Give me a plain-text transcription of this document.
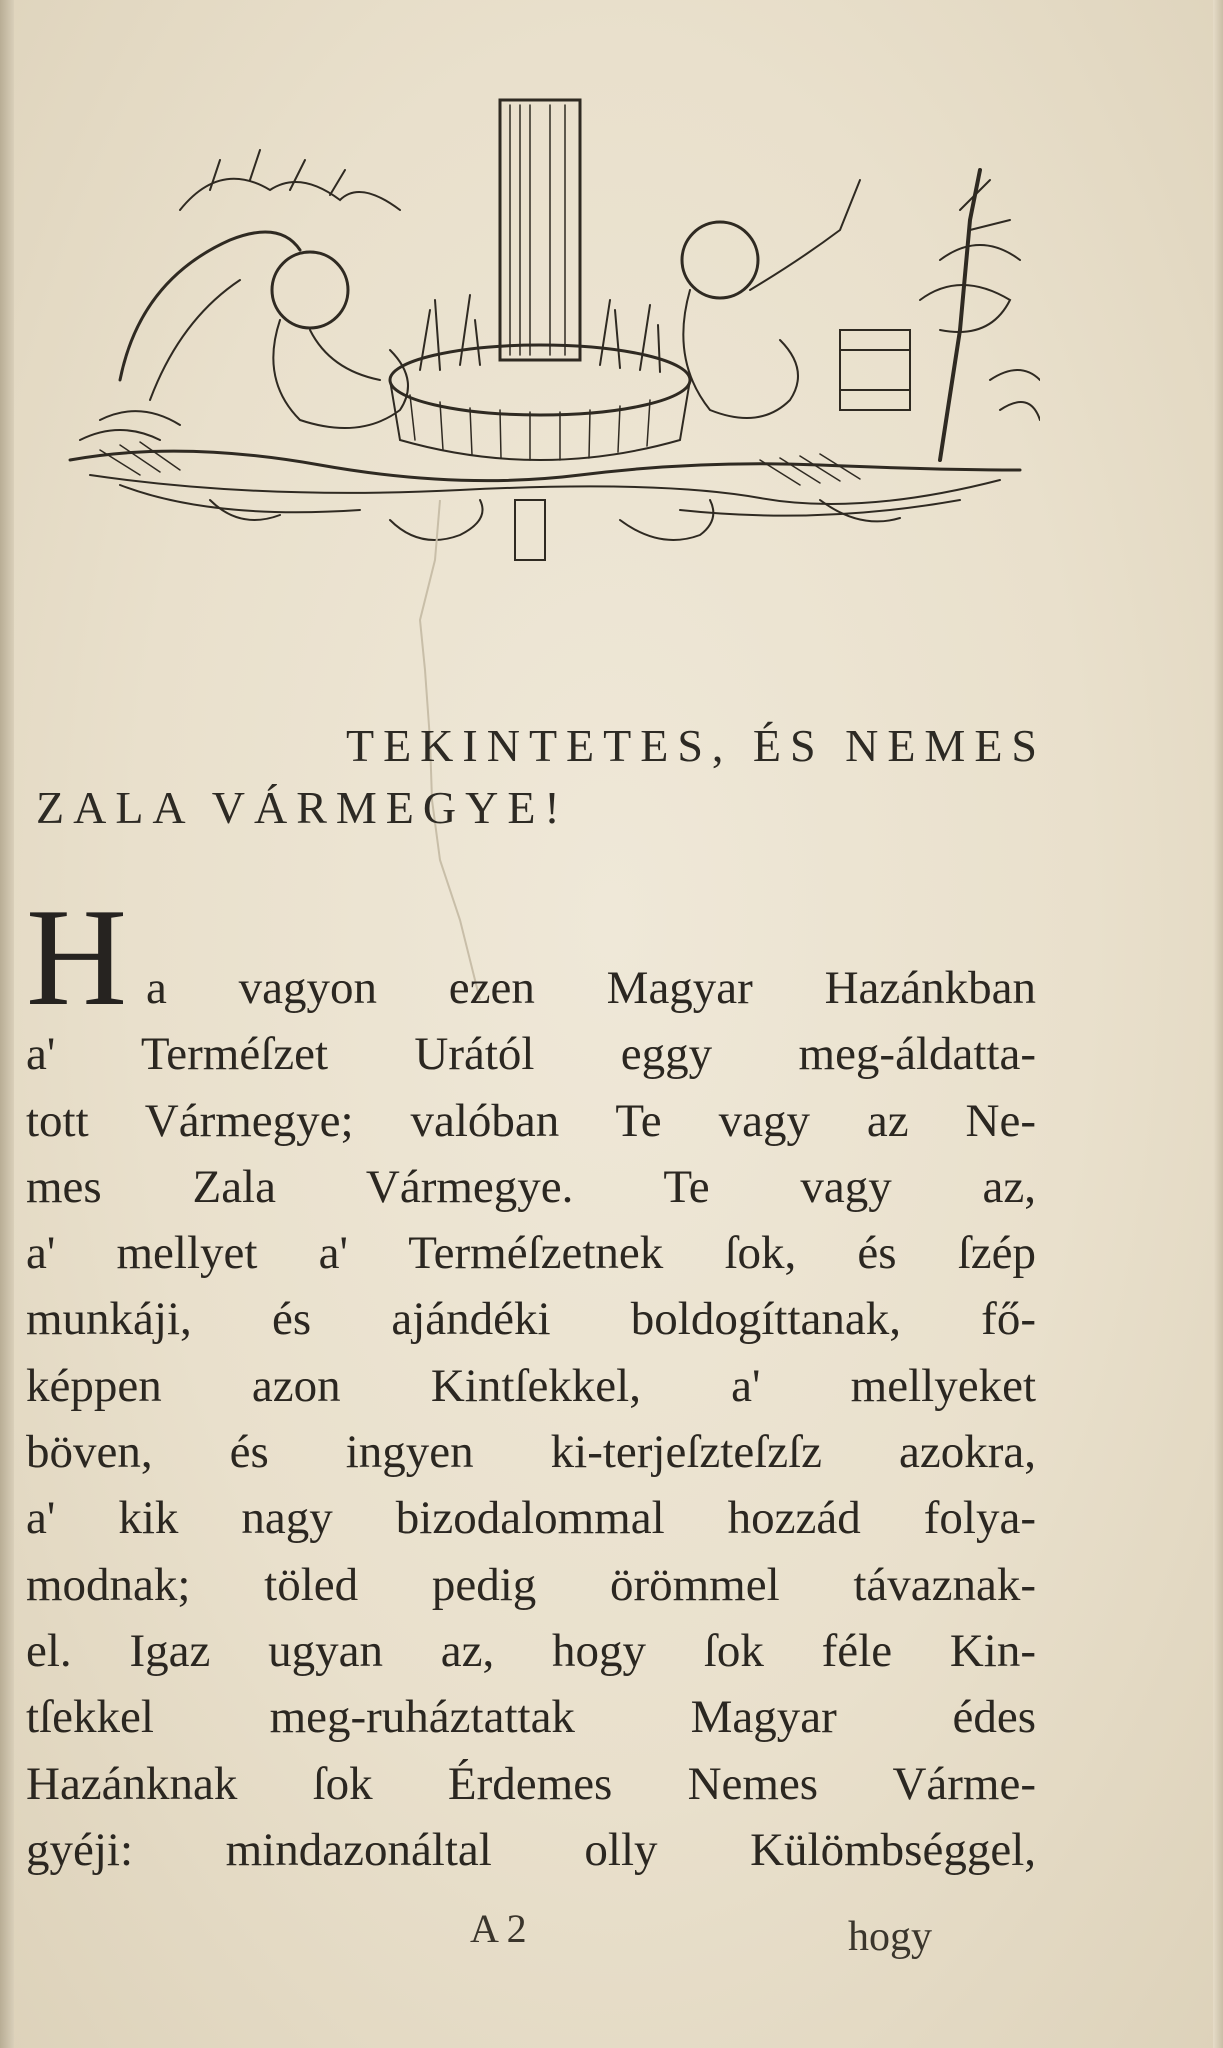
TEKINTETES, ÉS NEMES
ZALA VÁRMEGYE!
H a vagyon ezen Magyar Hazánkban
a' Terméſzet Urától eggy meg-áldatta-
tott Vármegye; valóban Te vagy az Ne-
mes Zala Vármegye. Te vagy az,
a' mellyet a' Terméſzetnek ſok, és ſzép
munkáji, és ajándéki boldogíttanak, fő-
képpen azon Kintſekkel, a' mellyeket
böven, és ingyen ki-terjeſzteſzſz azokra,
a' kik nagy bizodalommal hozzád folya-
modnak; töled pedig örömmel távaznak-
el. Igaz ugyan az, hogy ſok féle Kin-
tſekkel meg-ruháztattak Magyar édes
Hazánknak ſok Érdemes Nemes Várme-
gyéji: mindazonáltal olly Külömbséggel,
A 2	hogy
